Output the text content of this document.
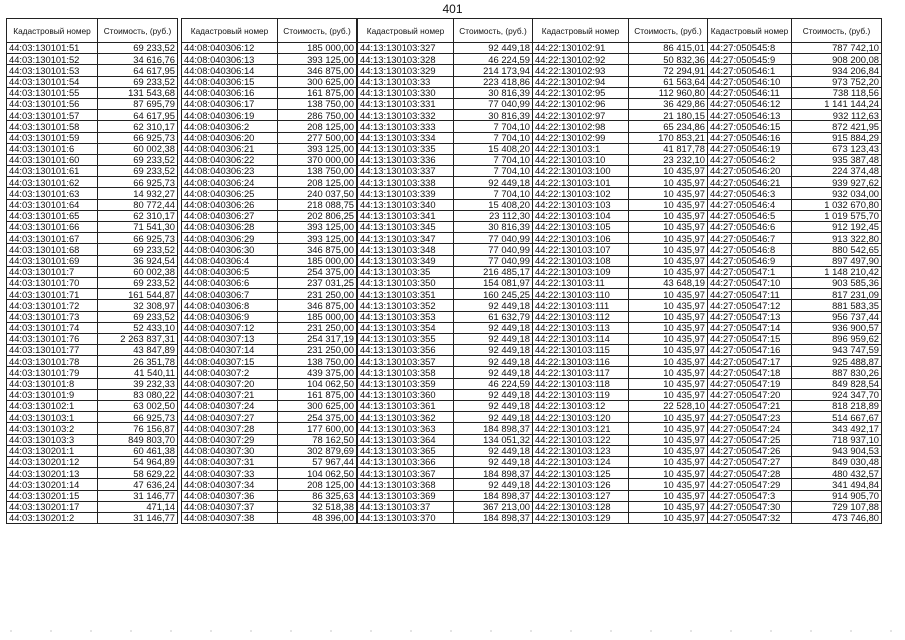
401
Кадастровый номер	Стоимость, (руб.)
44:03:130101:51	69 233,52
44:03:130101:52	34 616,76
44:03:130101:53	64 617,95
44:03:130101:54	69 233,52
44:03:130101:55	131 543,68
44:03:130101:56	87 695,79
44:03:130101:57	64 617,95
44:03:130101:58	62 310,17
44:03:130101:59	66 925,73
44:03:130101:6	60 002,38
44:03:130101:60	69 233,52
44:03:130101:61	69 233,52
44:03:130101:62	66 925,73
44:03:130101:63	14 932,27
44:03:130101:64	80 772,44
44:03:130101:65	62 310,17
44:03:130101:66	71 541,30
44:03:130101:67	66 925,73
44:03:130101:68	69 233,52
44:03:130101:69	36 924,54
44:03:130101:7	60 002,38
44:03:130101:70	69 233,52
44:03:130101:71	161 544,87
44:03:130101:72	32 308,97
44:03:130101:73	69 233,52
44:03:130101:74	52 433,10
44:03:130101:76	2 263 837,31
44:03:130101:77	43 847,89
44:03:130101:78	26 351,78
44:03:130101:79	41 540,11
44:03:130101:8	39 232,33
44:03:130101:9	83 080,22
44:03:130102:1	63 002,50
44:03:130103:1	66 925,73
44:03:130103:2	76 156,87
44:03:130103:3	849 803,70
44:03:130201:1	60 461,38
44:03:130201:12	54 964,89
44:03:130201:13	58 629,22
44:03:130201:14	47 636,24
44:03:130201:15	31 146,77
44:03:130201:17	471,14
44:03:130201:2	31 146,77
Кадастровый номер	Стоимость, (руб.)
44:08:040306:12	185 000,00
44:08:040306:13	393 125,00
44:08:040306:14	346 875,00
44:08:040306:15	300 625,00
44:08:040306:16	161 875,00
44:08:040306:17	138 750,00
44:08:040306:19	286 750,00
44:08:040306:2	208 125,00
44:08:040306:20	277 500,00
44:08:040306:21	393 125,00
44:08:040306:22	370 000,00
44:08:040306:23	138 750,00
44:08:040306:24	208 125,00
44:08:040306:25	240 037,50
44:08:040306:26	218 088,75
44:08:040306:27	202 806,25
44:08:040306:28	393 125,00
44:08:040306:29	393 125,00
44:08:040306:30	346 875,00
44:08:040306:4	185 000,00
44:08:040306:5	254 375,00
44:08:040306:6	237 031,25
44:08:040306:7	231 250,00
44:08:040306:8	346 875,00
44:08:040306:9	185 000,00
44:08:040307:12	231 250,00
44:08:040307:13	254 317,19
44:08:040307:14	231 250,00
44:08:040307:15	138 750,00
44:08:040307:2	439 375,00
44:08:040307:20	104 062,50
44:08:040307:21	161 875,00
44:08:040307:24	300 625,00
44:08:040307:27	254 375,00
44:08:040307:28	177 600,00
44:08:040307:29	78 162,50
44:08:040307:30	302 879,69
44:08:040307:31	57 967,44
44:08:040307:33	104 062,50
44:08:040307:34	208 125,00
44:08:040307:36	86 325,63
44:08:040307:37	32 518,38
44:08:040307:38	48 396,00
Кадастровый номер	Стоимость, (руб.)
44:13:130103:327	92 449,18
44:13:130103:328	46 224,59
44:13:130103:329	214 173,94
44:13:130103:33	223 418,86
44:13:130103:330	30 816,39
44:13:130103:331	77 040,99
44:13:130103:332	30 816,39
44:13:130103:333	7 704,10
44:13:130103:334	7 704,10
44:13:130103:335	15 408,20
44:13:130103:336	7 704,10
44:13:130103:337	7 704,10
44:13:130103:338	92 449,18
44:13:130103:339	7 704,10
44:13:130103:340	15 408,20
44:13:130103:341	23 112,30
44:13:130103:345	30 816,39
44:13:130103:347	77 040,99
44:13:130103:348	77 040,99
44:13:130103:349	77 040,99
44:13:130103:35	216 485,17
44:13:130103:350	154 081,97
44:13:130103:351	160 245,25
44:13:130103:352	92 449,18
44:13:130103:353	61 632,79
44:13:130103:354	92 449,18
44:13:130103:355	92 449,18
44:13:130103:356	92 449,18
44:13:130103:357	92 449,18
44:13:130103:358	92 449,18
44:13:130103:359	46 224,59
44:13:130103:360	92 449,18
44:13:130103:361	92 449,18
44:13:130103:362	92 449,18
44:13:130103:363	184 898,37
44:13:130103:364	134 051,32
44:13:130103:365	92 449,18
44:13:130103:366	92 449,18
44:13:130103:367	184 898,37
44:13:130103:368	92 449,18
44:13:130103:369	184 898,37
44:13:130103:37	367 213,00
44:13:130103:370	184 898,37
Кадастровый номер	Стоимость, (руб.)
44:22:130102:91	86 415,01
44:22:130102:92	50 832,36
44:22:130102:93	72 294,91
44:22:130102:94	61 563,64
44:22:130102:95	112 960,80
44:22:130102:96	36 429,86
44:22:130102:97	21 180,15
44:22:130102:98	65 234,86
44:22:130102:99	170 853,21
44:22:130103:1	41 817,78
44:22:130103:10	23 232,10
44:22:130103:100	10 435,97
44:22:130103:101	10 435,97
44:22:130103:102	10 435,97
44:22:130103:103	10 435,97
44:22:130103:104	10 435,97
44:22:130103:105	10 435,97
44:22:130103:106	10 435,97
44:22:130103:107	10 435,97
44:22:130103:108	10 435,97
44:22:130103:109	10 435,97
44:22:130103:11	43 648,19
44:22:130103:110	10 435,97
44:22:130103:111	10 435,97
44:22:130103:112	10 435,97
44:22:130103:113	10 435,97
44:22:130103:114	10 435,97
44:22:130103:115	10 435,97
44:22:130103:116	10 435,97
44:22:130103:117	10 435,97
44:22:130103:118	10 435,97
44:22:130103:119	10 435,97
44:22:130103:12	22 528,10
44:22:130103:120	10 435,97
44:22:130103:121	10 435,97
44:22:130103:122	10 435,97
44:22:130103:123	10 435,97
44:22:130103:124	10 435,97
44:22:130103:125	10 435,97
44:22:130103:126	10 435,97
44:22:130103:127	10 435,97
44:22:130103:128	10 435,97
44:22:130103:129	10 435,97
Кадастровый номер	Стоимость, (руб.)
44:27:050545:8	787 742,10
44:27:050545:9	908 200,08
44:27:050546:1	934 206,84
44:27:050546:10	973 752,20
44:27:050546:11	738 118,56
44:27:050546:12	1 141 144,24
44:27:050546:13	932 112,63
44:27:050546:15	872 421,95
44:27:050546:16	915 884,29
44:27:050546:19	673 123,43
44:27:050546:2	935 387,48
44:27:050546:20	224 374,48
44:27:050546:21	939 927,62
44:27:050546:3	932 034,00
44:27:050546:4	1 032 670,80
44:27:050546:5	1 019 575,70
44:27:050546:6	912 192,45
44:27:050546:7	913 322,80
44:27:050546:8	880 542,65
44:27:050546:9	897 497,90
44:27:050547:1	1 148 210,42
44:27:050547:10	903 585,36
44:27:050547:11	817 231,09
44:27:050547:12	881 583,35
44:27:050547:13	956 737,44
44:27:050547:14	936 900,57
44:27:050547:15	896 959,62
44:27:050547:16	943 747,59
44:27:050547:17	925 488,87
44:27:050547:18	887 830,26
44:27:050547:19	849 828,54
44:27:050547:20	924 347,70
44:27:050547:21	818 218,89
44:27:050547:23	514 667,67
44:27:050547:24	343 492,17
44:27:050547:25	718 937,10
44:27:050547:26	943 904,53
44:27:050547:27	849 030,48
44:27:050547:28	480 432,57
44:27:050547:29	341 494,84
44:27:050547:3	914 905,70
44:27:050547:30	729 107,88
44:27:050547:32	473 746,80
